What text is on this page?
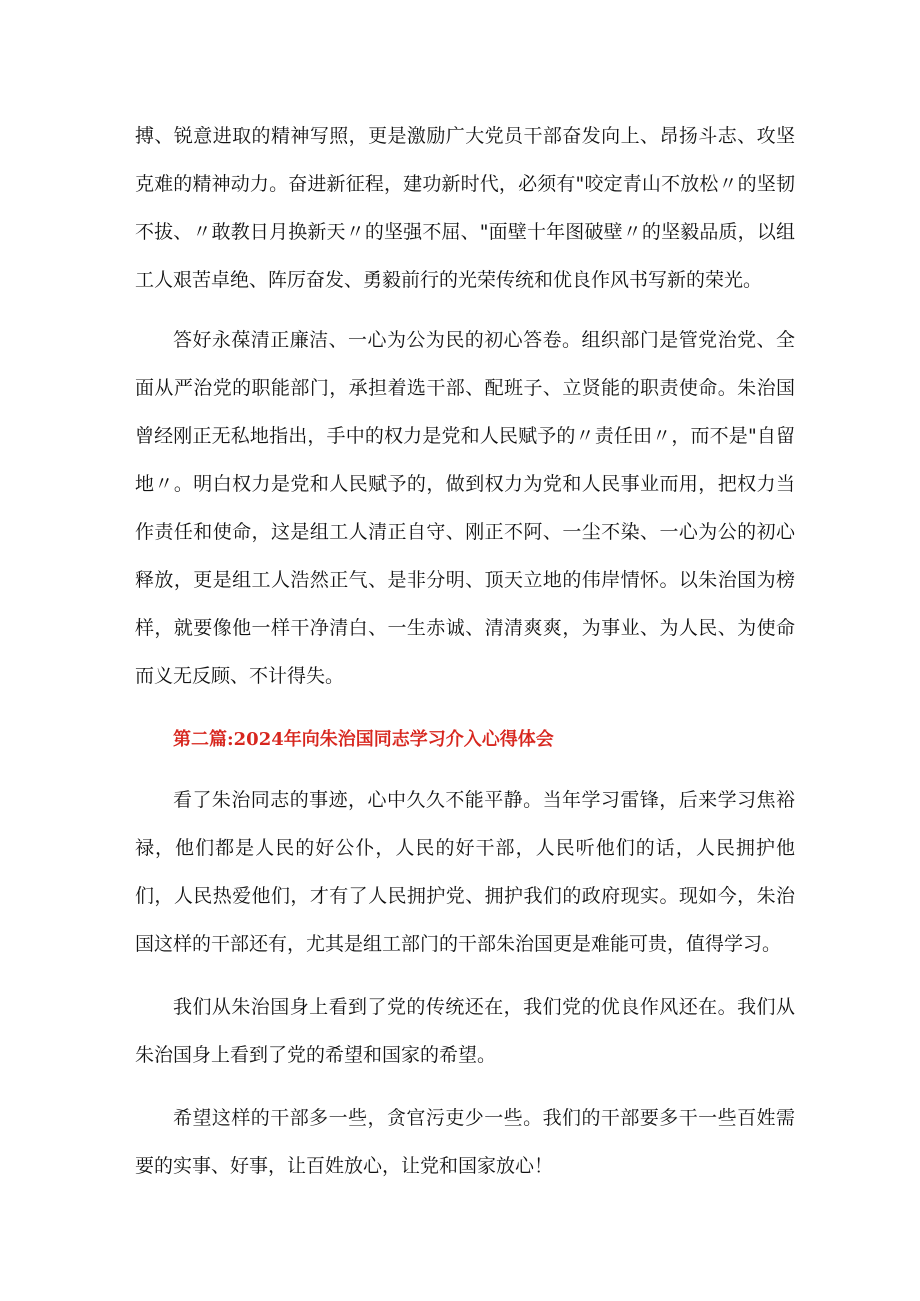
搏、锐意进取的精神写照，更是激励广大党员干部奋发向上、昂扬斗志、攻坚克难的精神动力。奋进新征程，建功新时代，必须有"咬定青山不放松〃的坚韧不拔、〃敢教日月换新天〃的坚强不屈、"面壁十年图破壁〃的坚毅品质，以组工人艰苦卓绝、阵厉奋发、勇毅前行的光荣传统和优良作风书写新的荣光。

答好永葆清正廉洁、一心为公为民的初心答卷。组织部门是管党治党、全面从严治党的职能部门，承担着选干部、配班子、立贤能的职责使命。朱治国曾经刚正无私地指出，手中的权力是党和人民赋予的〃责任田〃，而不是"自留地〃。明白权力是党和人民赋予的，做到权力为党和人民事业而用，把权力当作责任和使命，这是组工人清正自守、刚正不阿、一尘不染、一心为公的初心释放，更是组工人浩然正气、是非分明、顶天立地的伟岸情怀。以朱治国为榜样，就要像他一样干净清白、一生赤诚、清清爽爽，为事业、为人民、为使命而义无反顾、不计得失。

第二篇:2024年向朱治国同志学习介入心得体会

看了朱治同志的事迹，心中久久不能平静。当年学习雷锋，后来学习焦裕禄，他们都是人民的好公仆，人民的好干部，人民听他们的话，人民拥护他们，人民热爱他们，才有了人民拥护党、拥护我们的政府现实。现如今，朱治国这样的干部还有，尤其是组工部门的干部朱治国更是难能可贵，值得学习。

我们从朱治国身上看到了党的传统还在，我们党的优良作风还在。我们从朱治国身上看到了党的希望和国家的希望。

希望这样的干部多一些，贪官污吏少一些。我们的干部要多干一些百姓需要的实事、好事，让百姓放心，让党和国家放心！
